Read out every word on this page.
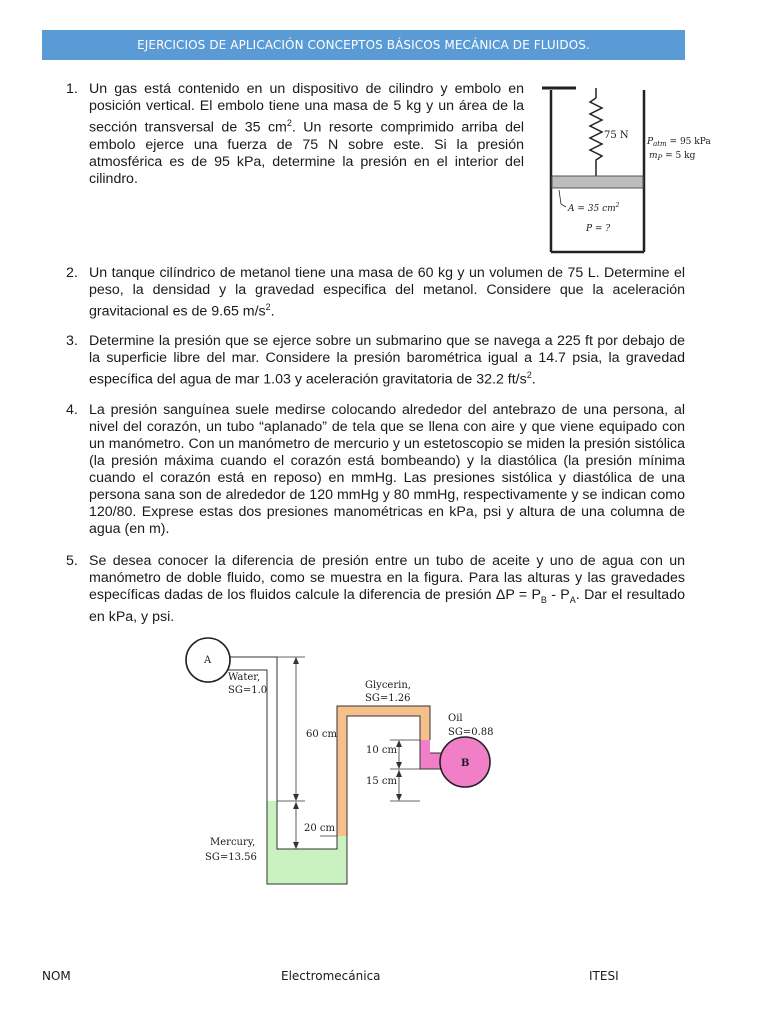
EJERCICIOS DE APLICACIÓN CONCEPTOS BÁSICOS MECÁNICA DE FLUIDOS.
1. Un gas está contenido en un dispositivo de cilindro y embolo en posición vertical. El embolo tiene una masa de 5 kg y un área de la sección transversal de 35 $cm^2$. Un resorte comprimido arriba del embolo ejerce una fuerza de 75 N sobre este. Si la presión atmosférica es de 95 kPa, determine la presión en el interior del cilindro.
75 N
$P_{atm} = 95$ kPa
$m_P = 5$ kg
A = 35 $cm^2$
P = ?
2. Un tanque cilíndrico de metanol tiene una masa de 60 kg y un volumen de 75 L. Determine el peso, la densidad y la gravedad especifica del metanol. Considere que la aceleración gravitacional es de 9.65 $m/s^2$.
3. Determine la presión que se ejerce sobre un submarino que se navega a 225 ft por debajo de la superficie libre del mar. Considere la presión barométrica igual a 14.7 psia, la gravedad específica del agua de mar 1.03 y aceleración gravitatoria de 32.2 $ft/s^2$.
4. La presión sanguínea suele medirse colocando alrededor del antebrazo de una persona, al nivel del corazón, un tubo “aplanado” de tela que se llena con aire y que viene equipado con un manómetro. Con un manómetro de mercurio y un estetoscopio se miden la presión sistólica (la presión máxima cuando el corazón está bombeando) y la diastólica (la presión mínima cuando el corazón está en reposo) en mmHg. Las presiones sistólica y diastólica de una persona sana son de alrededor de 120 mmHg y 80 mmHg, respectivamente y se indican como 120/80. Exprese estas dos presiones manométricas en kPa, psi y altura de una columna de agua (en m).
5. Se desea conocer la diferencia de presión entre un tubo de aceite y uno de agua con un manómetro de doble fluido, como se muestra en la figura. Para las alturas y las gravedades específicas dadas de los fluidos calcule la diferencia de presión $\Delta P = P_B - P_A$. Dar el resultado en kPa, y psi.
A
B
Water,
SG=1.0	Glycerin,
SG=1.26
Oil
SG=0.88
Mercury,
SG=13.56
60 cm
10 cm
15 cm
20 cm
NOM	Electromecánica	ITESI
